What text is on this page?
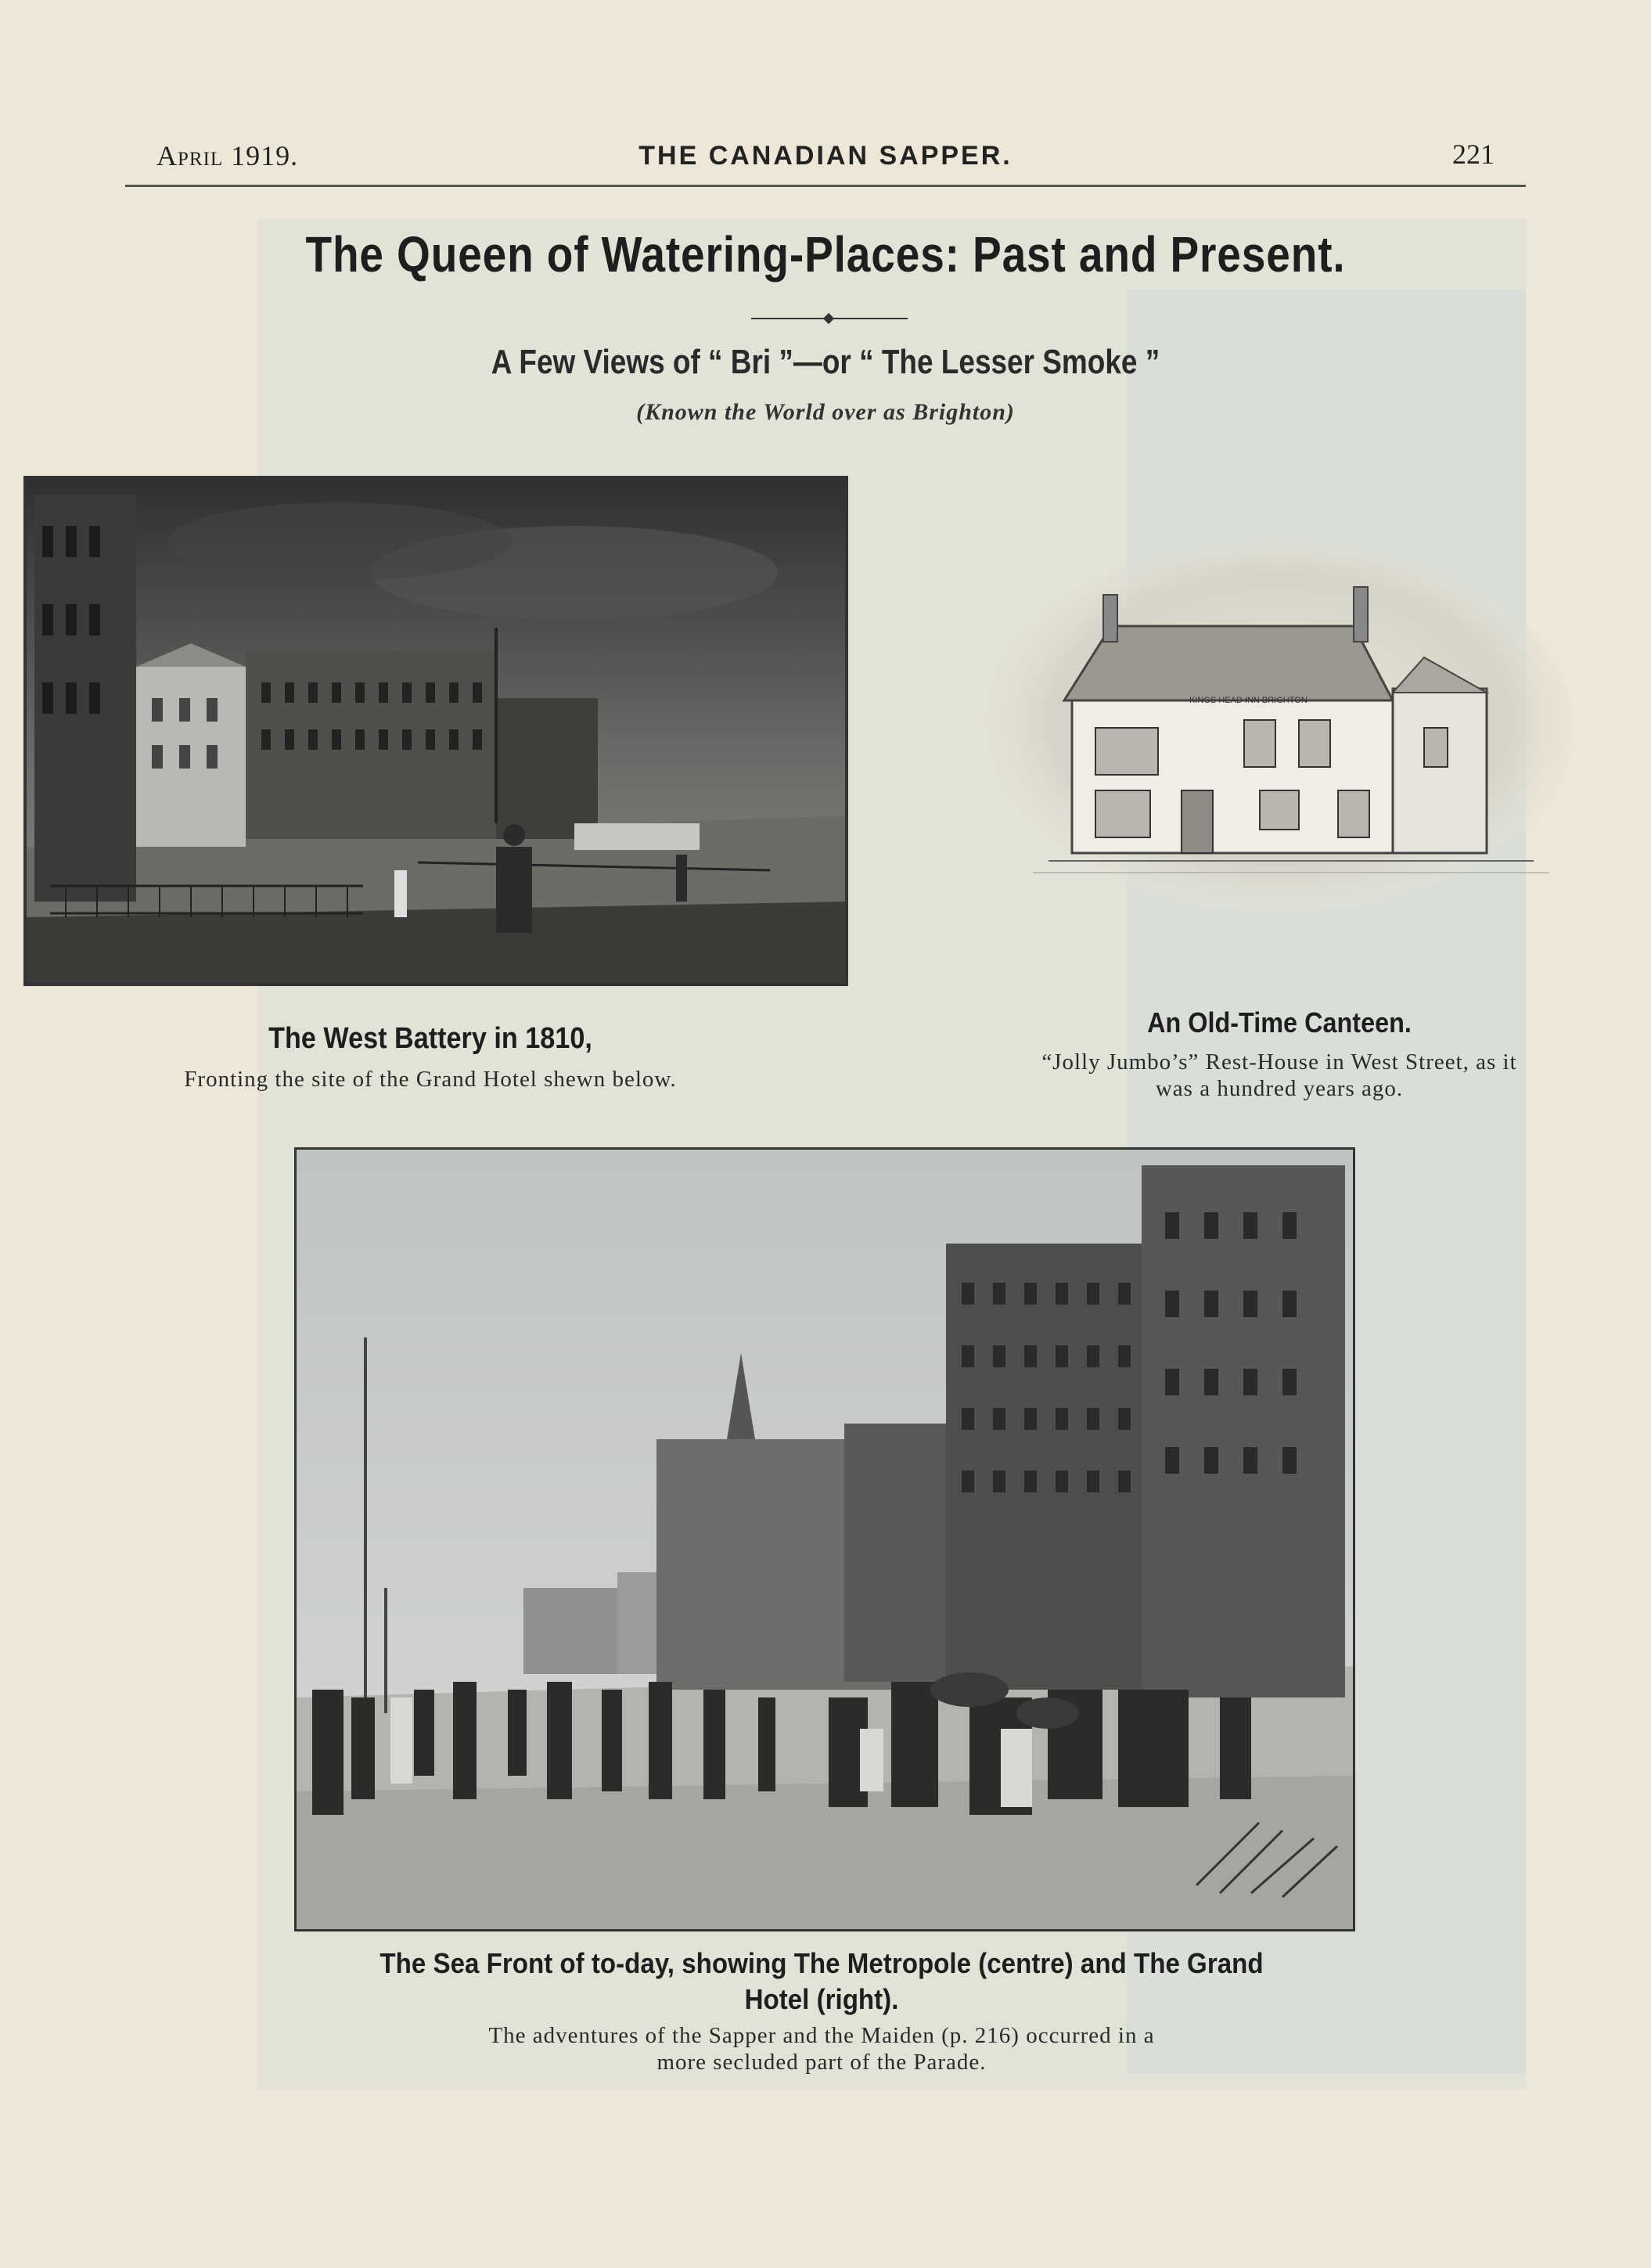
April 1919.	THE CANADIAN SAPPER.	221
The Queen of Watering-Places: Past and Present.
A Few Views of “ Bri ”—or “ The Lesser Smoke ”
(Known the World over as Brighton)
KINGS HEAD INN BRIGHTON
The West Battery in 1810,
Fronting the site of the Grand Hotel shewn below.
An Old-Time Canteen.
“Jolly Jumbo’s” Rest-House in West Street, as it
was a hundred years ago.
The Sea Front of to-day, showing The Metropole (centre) and The Grand
Hotel (right).
The adventures of the Sapper and the Maiden (p. 216) occurred in a
more secluded part of the Parade.
